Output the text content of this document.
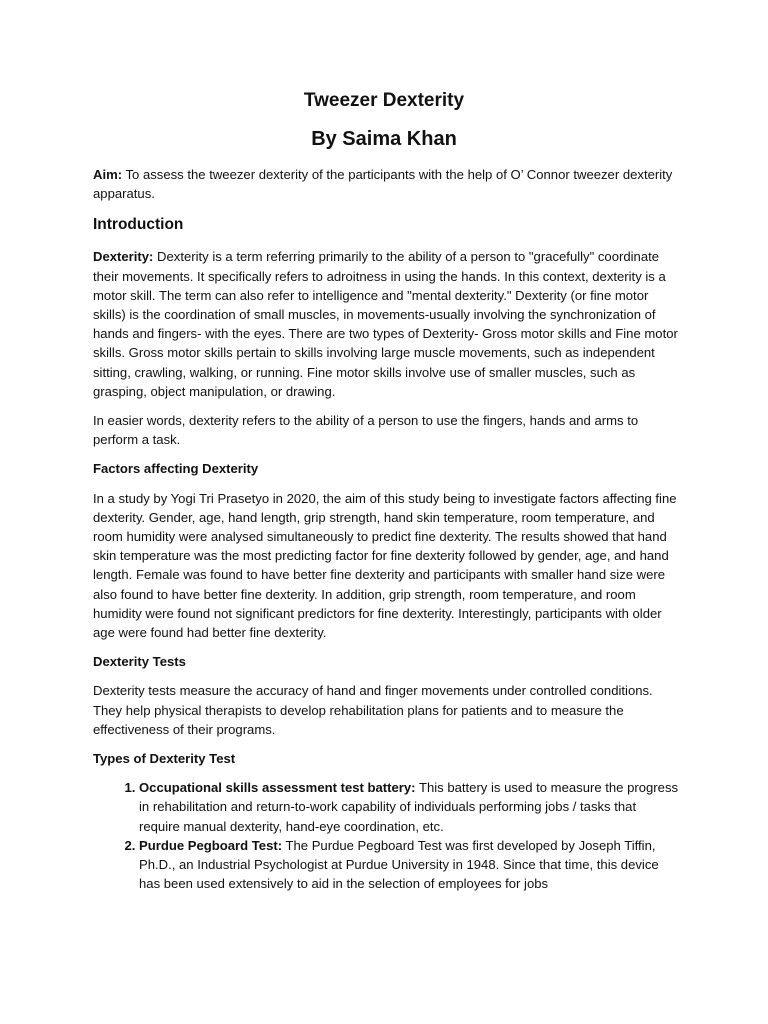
Tweezer Dexterity
By Saima Khan

Aim: To assess the tweezer dexterity of the participants with the help of O’ Connor tweezer dexterity apparatus.

Introduction

Dexterity: Dexterity is a term referring primarily to the ability of a person to "gracefully" coordinate their movements. It specifically refers to adroitness in using the hands. In this context, dexterity is a motor skill. The term can also refer to intelligence and "mental dexterity." Dexterity (or fine motor skills) is the coordination of small muscles, in movements-usually involving the synchronization of hands and fingers- with the eyes. There are two types of Dexterity- Gross motor skills and Fine motor skills. Gross motor skills pertain to skills involving large muscle movements, such as independent sitting, crawling, walking, or running. Fine motor skills involve use of smaller muscles, such as grasping, object manipulation, or drawing.

In easier words, dexterity refers to the ability of a person to use the fingers, hands and arms to perform a task.

Factors affecting Dexterity

In a study by Yogi Tri Prasetyo in 2020, the aim of this study being to investigate factors affecting fine dexterity. Gender, age, hand length, grip strength, hand skin temperature, room temperature, and room humidity were analysed simultaneously to predict fine dexterity. The results showed that hand skin temperature was the most predicting factor for fine dexterity followed by gender, age, and hand length. Female was found to have better fine dexterity and participants with smaller hand size were also found to have better fine dexterity. In addition, grip strength, room temperature, and room humidity were found not significant predictors for fine dexterity. Interestingly, participants with older age were found had better fine dexterity.

Dexterity Tests

Dexterity tests measure the accuracy of hand and finger movements under controlled conditions. They help physical therapists to develop rehabilitation plans for patients and to measure the effectiveness of their programs.

Types of Dexterity Test
1. Occupational skills assessment test battery: This battery is used to measure the progress in rehabilitation and return-to-work capability of individuals performing jobs / tasks that require manual dexterity, hand-eye coordination, etc.
2. Purdue Pegboard Test: The Purdue Pegboard Test was first developed by Joseph Tiffin, Ph.D., an Industrial Psychologist at Purdue University in 1948. Since that time, this device has been used extensively to aid in the selection of employees for jobs
